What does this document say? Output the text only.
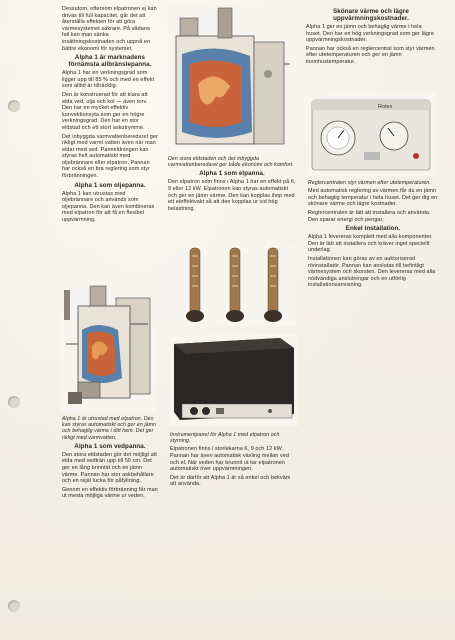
Dessutom, eftersom elpatronen ej kan drivas till full kapacitet, går det att återställa effekten för att göra värmesystemet säkrare. På sådana fall kan man sänka insättningskostnaden och uppnå en bättre ekonomi för systemet.

Alpha 1 är marknadens förnämsta allbränslepanna.

Alpha 1 har en verkningsgrad som ligger upp till 85 % och med en effekt som alltid är tillräcklig.

Den är konstruerad för att klara att elda ved, olja och kol — även torv. Den har en mycket effektiv konvektionsyta som ger en högre verkningsgrad. Den har en stor eldstad och ett stort askutrymme.

Det inbyggda varmvattenberedaret ger rikligt med varmt vatten även när man eldar med ved. Panneldningen kan styras helt automatiskt med oljebrännare eller elpatron. Pannan har också en bra reglering som styr förbränningen.

Alpha 1 som oljepanna.

Alpha 1 kan utrustas med oljebrännare och används som oljepanna. Den kan även kombineras med elpatron för att få en flexibel uppvärmning.

Alpha 1 är utrustad med elpatron. Den kan styras automatiskt och ger en jämn och behaglig värme i ditt hem. Det ger rikligt med varmvatten.

Alpha 1 som vedpanna.

Den stora eldstaden gör det möjligt att elda med vedträn upp till 50 cm. Det ger en lång brinntid och en jämn värme. Pannan har stor askbehållare och en rejäl lucka för påfyllning.

Genom en effektiv förbränning får man ut mesta möjliga värme ur veden.

Den stora eldstaden och det inbyggda varmvattenberedaret ger både ekonomi och komfort.

Alpha 1 som elpanna.

Den elpatron som finns i Alpha 1 har en effekt på 6, 9 eller 12 kW. Elpatronen kan styras automatiskt och ger en jämn värme. Den kan kopplas ihop med ett eleffektvakt så att den kopplas ur vid hög belastning.

Instrumentpanel för Alpha 1 med elpatron och styrning.

Elpatronen finns i storlekarna 6, 9 och 12 kW. Pannan har även automatisk växling mellan ved och el. När veden har brunnit ut tar elpatronen automatiskt över uppvärmningen.

Det är därför att Alpha 1 är så enkel och bekväm att använda.

Skönare värme och lägre uppvärmningskostnader.

Alpha 1 ger en jämn och behaglig värme i hela huset. Den har en hög verkningsgrad som ger lägre uppvärmningskostnader.

Pannan har också en reglercentral som styr värmen efter utetemperaturen och ger en jämn inomhustemperatur.

Rotex

Reglercentralen styr värmen efter utetemperaturen.

Med automatisk reglering av värmen får du en jämn och behaglig temperatur i hela huset. Det ger dig en skönare värme och lägre kostnader.

Reglercentralen är lätt att installera och använda. Den sparar energi och pengar.

Enkel installation.

Alpha 1 levereras komplett med alla komponenter. Den är lätt att installera och kräver inget speciellt underlag.

Installationen kan göras av en auktoriserad rörinstallatör. Pannan kan anslutas till befintligt värmesystem och skorsten. Den levereras med alla nödvändiga anslutningar och en utförlig installationsanvisning.
